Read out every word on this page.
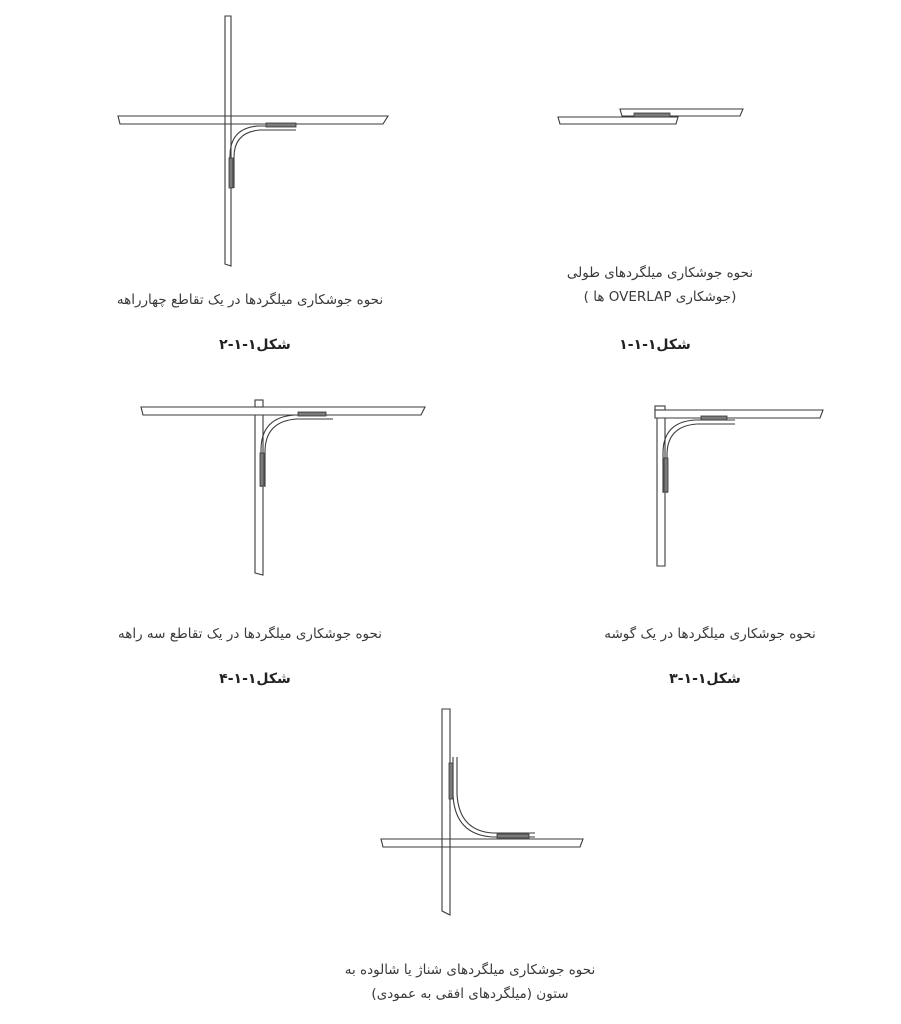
نحوه جوشکاری میلگردهای طولی
(جوشکاری OVERLAP ها )
شکل۱-۱-۱
نحوه جوشکاری میلگردها در یک تقاطع چهارراهه
شکل۱-۱-۲
نحوه جوشکاری میلگردها در یک گوشه
شکل۱-۱-۳
نحوه جوشکاری میلگردها در یک تقاطع سه راهه
شکل۱-۱-۴
نحوه جوشکاری میلگردهای شناژ یا شالوده به
ستون (میلگردهای افقی به عمودی)
